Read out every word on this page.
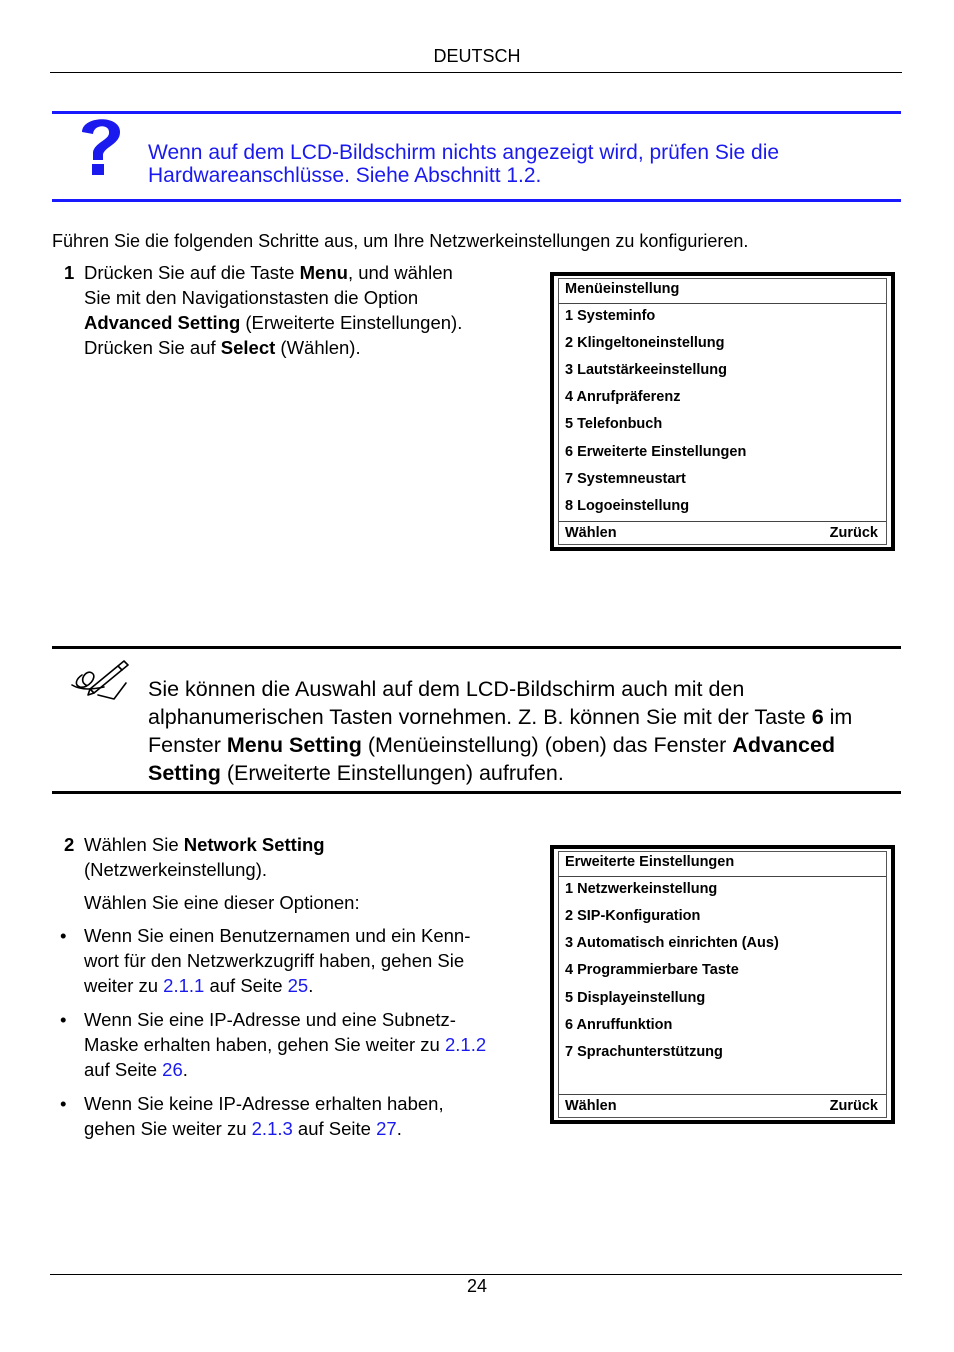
DEUTSCH
Wenn auf dem LCD-Bildschirm nichts angezeigt wird, prüfen Sie die
Hardwareanschlüsse. Siehe Abschnitt 1.2.
Führen Sie die folgenden Schritte aus, um Ihre Netzwerkeinstellungen zu konfigurieren.
1 Drücken Sie auf die Taste Menu, und wählen
Sie mit den Navigationstasten die Option
Advanced Setting (Erweiterte Einstellungen).
Drücken Sie auf Select (Wählen).
Menüeinstellung
1 Systeminfo
2 Klingeltoneinstellung
3 Lautstärkeeinstellung
4 Anrufpräferenz
5 Telefonbuch
6 Erweiterte Einstellungen
7 Systemneustart
8 Logoeinstellung
Wählen	Zurück
Sie können die Auswahl auf dem LCD-Bildschirm auch mit den
alphanumerischen Tasten vornehmen. Z. B. können Sie mit der Taste 6 im
Fenster Menu Setting (Menüeinstellung) (oben) das Fenster Advanced
Setting (Erweiterte Einstellungen) aufrufen.
2 Wählen Sie Network Setting
(Netzwerkeinstellung).
Wählen Sie eine dieser Optionen:
• Wenn Sie einen Benutzernamen und ein Kenn-
wort für den Netzwerkzugriff haben, gehen Sie
weiter zu 2.1.1 auf Seite 25.
• Wenn Sie eine IP-Adresse und eine Subnetz-
Maske erhalten haben, gehen Sie weiter zu 2.1.2
auf Seite 26.
• Wenn Sie keine IP-Adresse erhalten haben,
gehen Sie weiter zu 2.1.3 auf Seite 27.
Erweiterte Einstellungen
1 Netzwerkeinstellung
2 SIP-Konfiguration
3 Automatisch einrichten (Aus)
4 Programmierbare Taste
5 Displayeinstellung
6 Anruffunktion
7 Sprachunterstützung
Wählen	Zurück
24
